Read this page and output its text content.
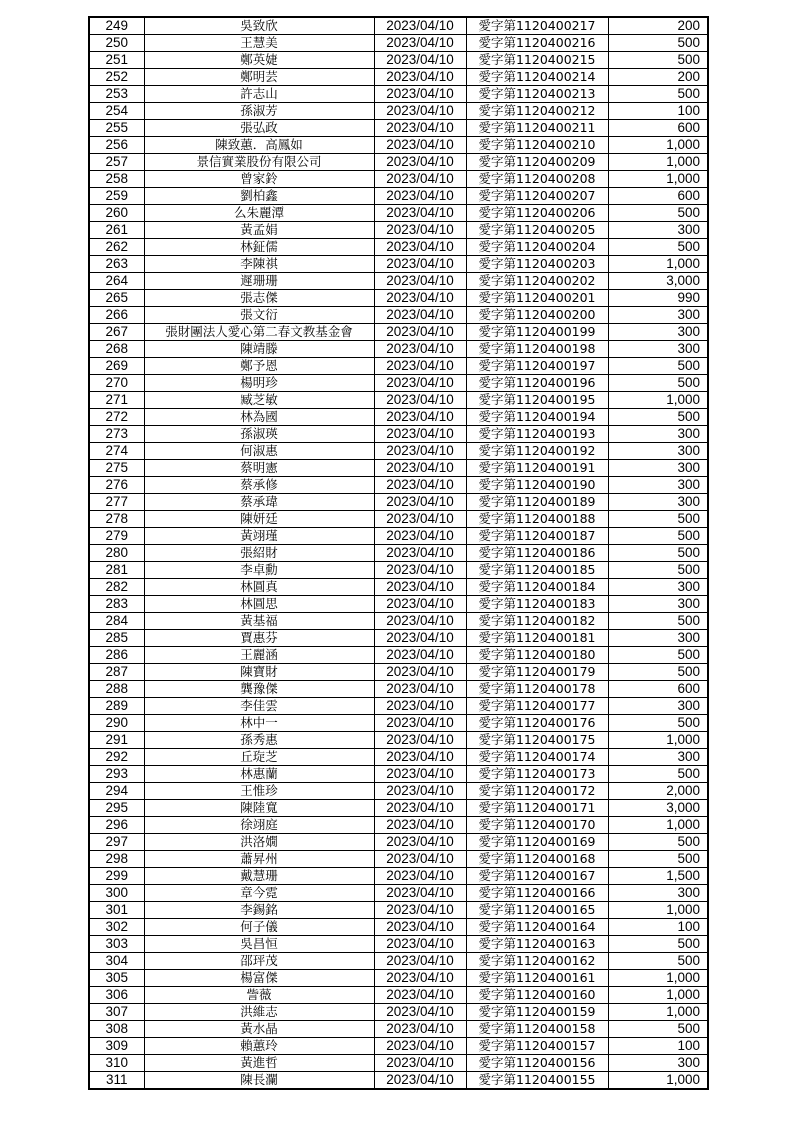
249	吳致欣	2023/04/10	愛字第1120400217	200
250	王慧美	2023/04/10	愛字第1120400216	500
251	鄭英婕	2023/04/10	愛字第1120400215	500
252	鄭明芸	2023/04/10	愛字第1120400214	200
253	許志山	2023/04/10	愛字第1120400213	500
254	孫淑芳	2023/04/10	愛字第1120400212	100
255	張弘政	2023/04/10	愛字第1120400211	600
256	陳致蕙．高鳳如	2023/04/10	愛字第1120400210	1,000
257	景信實業股份有限公司	2023/04/10	愛字第1120400209	1,000
258	曾家鈴	2023/04/10	愛字第1120400208	1,000
259	劉柏鑫	2023/04/10	愛字第1120400207	600
260	么朱麗潭	2023/04/10	愛字第1120400206	500
261	黃孟娟	2023/04/10	愛字第1120400205	300
262	林鉦儒	2023/04/10	愛字第1120400204	500
263	李陳祺	2023/04/10	愛字第1120400203	1,000
264	遲珊珊	2023/04/10	愛字第1120400202	3,000
265	張志傑	2023/04/10	愛字第1120400201	990
266	張文衍	2023/04/10	愛字第1120400200	300
267	張財團法人愛心第二春文教基金會	2023/04/10	愛字第1120400199	300
268	陳靖滕	2023/04/10	愛字第1120400198	300
269	鄭予恩	2023/04/10	愛字第1120400197	500
270	楊明珍	2023/04/10	愛字第1120400196	500
271	臧芝敏	2023/04/10	愛字第1120400195	1,000
272	林為國	2023/04/10	愛字第1120400194	500
273	孫淑瑛	2023/04/10	愛字第1120400193	300
274	何淑惠	2023/04/10	愛字第1120400192	300
275	蔡明憲	2023/04/10	愛字第1120400191	300
276	蔡承修	2023/04/10	愛字第1120400190	300
277	蔡承瑋	2023/04/10	愛字第1120400189	300
278	陳妍廷	2023/04/10	愛字第1120400188	500
279	黃翊瑾	2023/04/10	愛字第1120400187	500
280	張紹財	2023/04/10	愛字第1120400186	500
281	李卓勳	2023/04/10	愛字第1120400185	500
282	林圓真	2023/04/10	愛字第1120400184	300
283	林圓思	2023/04/10	愛字第1120400183	300
284	黃基福	2023/04/10	愛字第1120400182	500
285	賈惠芬	2023/04/10	愛字第1120400181	300
286	王麗涵	2023/04/10	愛字第1120400180	500
287	陳寶財	2023/04/10	愛字第1120400179	500
288	龔豫傑	2023/04/10	愛字第1120400178	600
289	李佳雲	2023/04/10	愛字第1120400177	300
290	林中一	2023/04/10	愛字第1120400176	500
291	孫秀惠	2023/04/10	愛字第1120400175	1,000
292	丘琁芝	2023/04/10	愛字第1120400174	300
293	林惠蘭	2023/04/10	愛字第1120400173	500
294	王惟珍	2023/04/10	愛字第1120400172	2,000
295	陳陸寬	2023/04/10	愛字第1120400171	3,000
296	徐翊庭	2023/04/10	愛字第1120400170	1,000
297	洪洛嫺	2023/04/10	愛字第1120400169	500
298	蕭昇州	2023/04/10	愛字第1120400168	500
299	戴慧珊	2023/04/10	愛字第1120400167	1,500
300	章今霓	2023/04/10	愛字第1120400166	300
301	李錫銘	2023/04/10	愛字第1120400165	1,000
302	何子儀	2023/04/10	愛字第1120400164	100
303	吳昌恒	2023/04/10	愛字第1120400163	500
304	邵玶茂	2023/04/10	愛字第1120400162	500
305	楊富傑	2023/04/10	愛字第1120400161	1,000
306	訾薇	2023/04/10	愛字第1120400160	1,000
307	洪維志	2023/04/10	愛字第1120400159	1,000
308	黃水晶	2023/04/10	愛字第1120400158	500
309	賴蕙玲	2023/04/10	愛字第1120400157	100
310	黃進哲	2023/04/10	愛字第1120400156	300
311	陳長瀾	2023/04/10	愛字第1120400155	1,000
